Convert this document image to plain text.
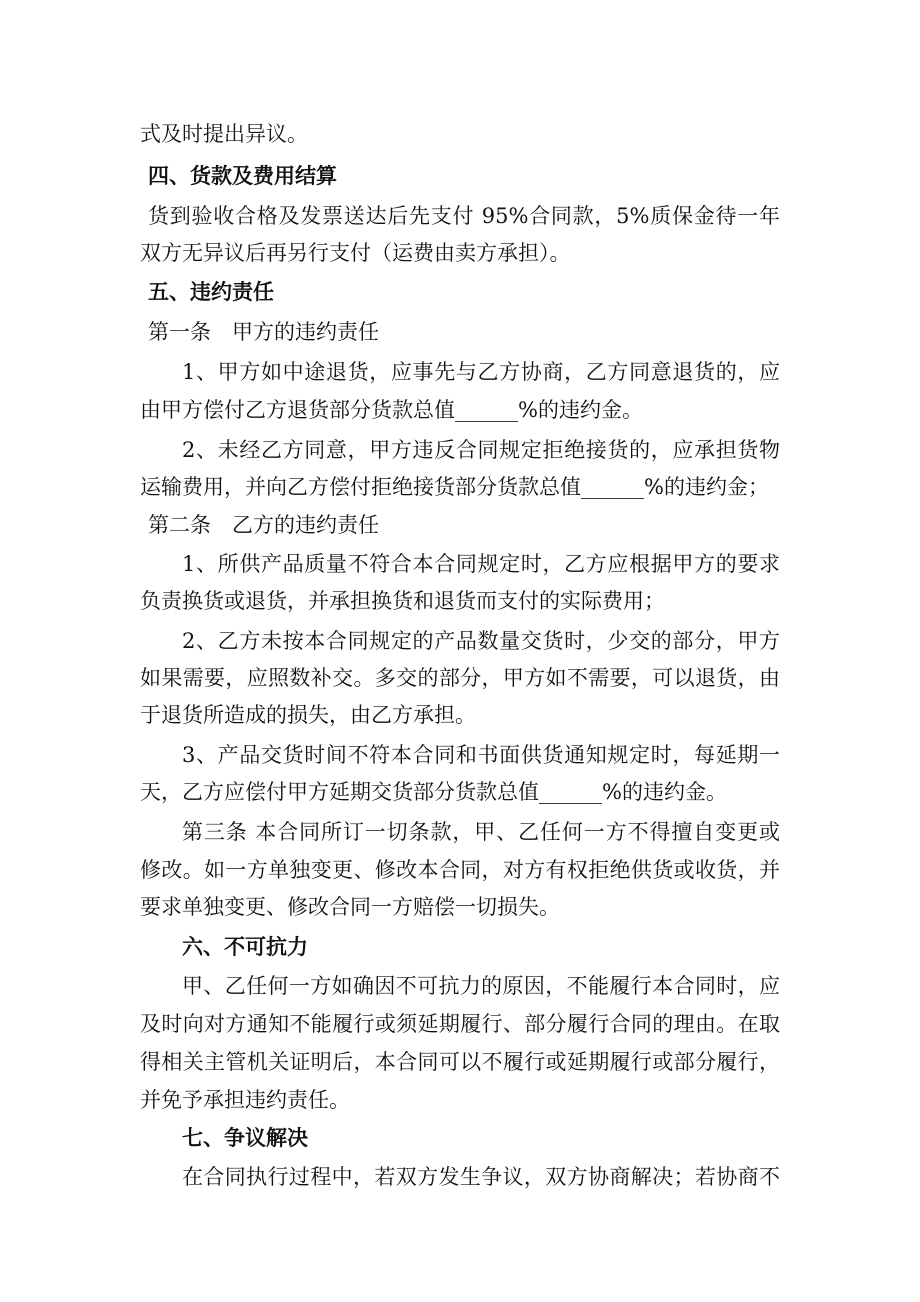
式及时提出异议。
四、货款及费用结算
货到验收合格及发票送达后先支付 95%合同款，5%质保金待一年
双方无异议后再另行支付（运费由卖方承担）。
五、违约责任
第一条　甲方的违约责任
1、甲方如中途退货，应事先与乙方协商，乙方同意退货的，应
由甲方偿付乙方退货部分货款总值______%的违约金。
2、未经乙方同意，甲方违反合同规定拒绝接货的，应承担货物
运输费用，并向乙方偿付拒绝接货部分货款总值______%的违约金；
第二条　乙方的违约责任
1、所供产品质量不符合本合同规定时，乙方应根据甲方的要求
负责换货或退货，并承担换货和退货而支付的实际费用；
2、乙方未按本合同规定的产品数量交货时，少交的部分，甲方
如果需要，应照数补交。多交的部分，甲方如不需要，可以退货，由
于退货所造成的损失，由乙方承担。
3、产品交货时间不符本合同和书面供货通知规定时，每延期一
天，乙方应偿付甲方延期交货部分货款总值______%的违约金。
第三条 本合同所订一切条款，甲、乙任何一方不得擅自变更或
修改。如一方单独变更、修改本合同，对方有权拒绝供货或收货，并
要求单独变更、修改合同一方赔偿一切损失。
六、不可抗力
甲、乙任何一方如确因不可抗力的原因，不能履行本合同时，应
及时向对方通知不能履行或须延期履行、部分履行合同的理由。在取
得相关主管机关证明后，本合同可以不履行或延期履行或部分履行，
并免予承担违约责任。
七、争议解决
在合同执行过程中，若双方发生争议，双方协商解决；若协商不
